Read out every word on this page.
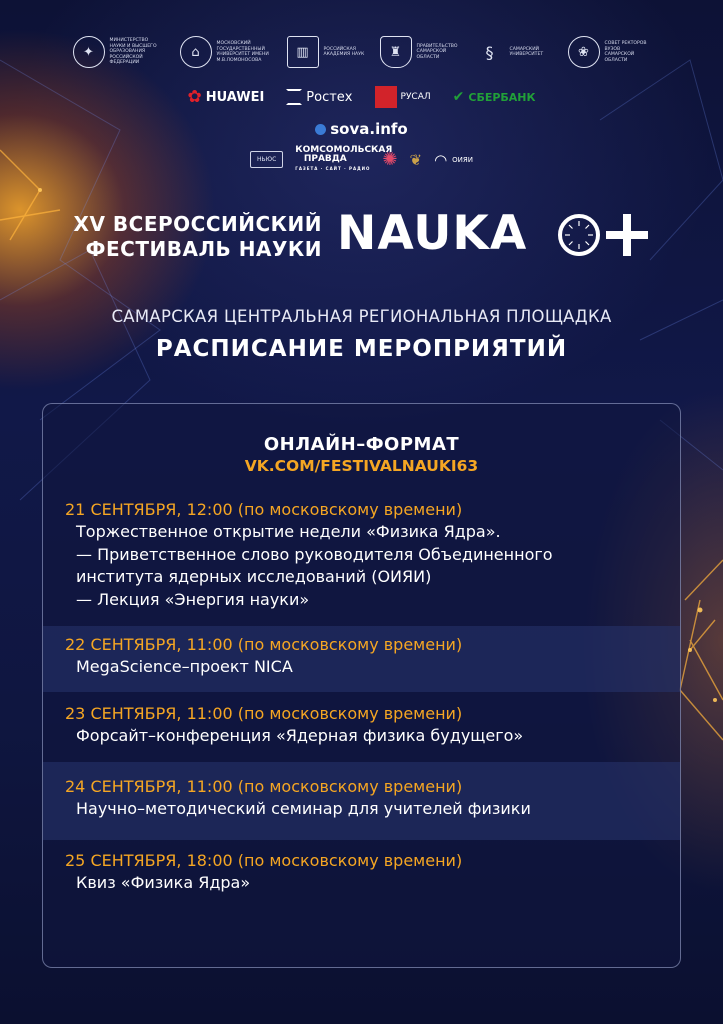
✦
МИНИСТЕРСТВО НАУКИ И ВЫСШЕГО ОБРАЗОВАНИЯ РОССИЙСКОЙ ФЕДЕРАЦИИ
⌂
МОСКОВСКИЙ ГОСУДАРСТВЕННЫЙ УНИВЕРСИТЕТ ИМЕНИ М.В.ЛОМОНОСОВА
▥	РОССИЙСКАЯ АКАДЕМИЯ НАУК	♜	ПРАВИТЕЛЬСТВО САМАРСКОЙ ОБЛАСТИ	§	САМАРСКИЙ УНИВЕРСИТЕТ	❀
СОВЕТ РЕКТОРОВ ВУЗОВ САМАРСКОЙ ОБЛАСТИ
✿ HUAWEI	Ростех	РУСАЛ ✔ СБЕРБАНК
sova.info
НЬЮС
КОМСОМОЛЬСКАЯ ПРАВДА
ГАЗЕТА · САЙТ · РАДИО ✺ ❦ ◠ ОИЯИ
XV ВСЕРОССИЙСКИЙ
ФЕСТИВАЛЬ НАУКИ NAUKA
САМАРСКАЯ ЦЕНТРАЛЬНАЯ РЕГИОНАЛЬНАЯ ПЛОЩАДКА
РАСПИСАНИЕ МЕРОПРИЯТИЙ
ОНЛАЙН–ФОРМАТ
VK.COM/FESTIVALNAUKI63
21 СЕНТЯБРЯ, 12:00 (по московскому времени)
Торжественное открытие недели «Физика Ядра».
— Приветственное слово руководителя Объединенного
института ядерных исследований (ОИЯИ)
— Лекция «Энергия науки»
22 СЕНТЯБРЯ, 11:00 (по московскому времени)
MegaScience–проект NICA
23 СЕНТЯБРЯ, 11:00 (по московскому времени)
Форсайт–конференция «Ядерная физика будущего»
24 СЕНТЯБРЯ, 11:00 (по московскому времени)
Научно–методический семинар для учителей физики
25 СЕНТЯБРЯ, 18:00 (по московскому времени)
Квиз «Физика Ядра»
